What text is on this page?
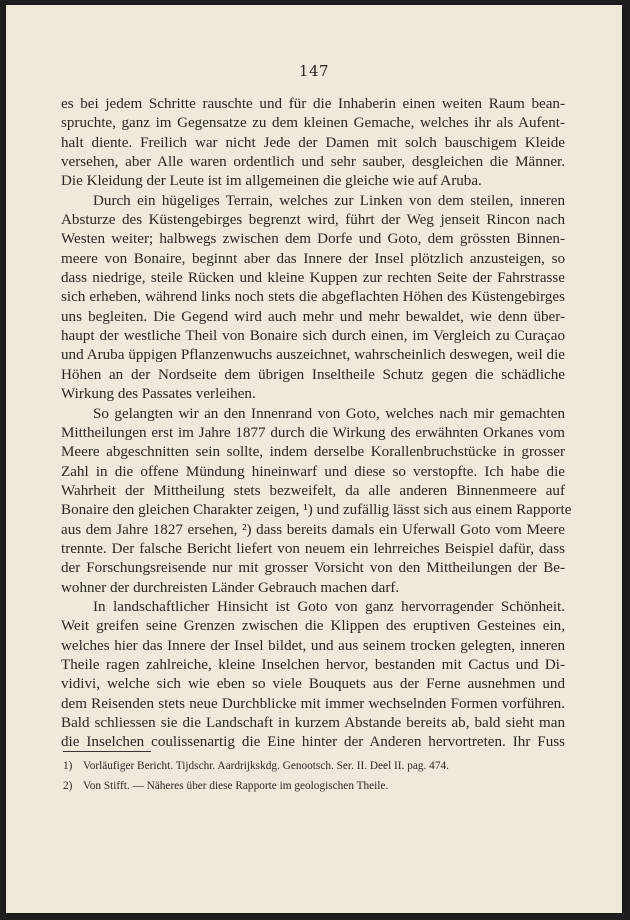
147
es bei jedem Schritte rauschte und für die Inhaberin einen weiten Raum bean-
spruchte, ganz im Gegensatze zu dem kleinen Gemache, welches ihr als Aufent-
halt diente. Freilich war nicht Jede der Damen mit solch bauschigem Kleide
versehen, aber Alle waren ordentlich und sehr sauber, desgleichen die Männer.
Die Kleidung der Leute ist im allgemeinen die gleiche wie auf Aruba.
Durch ein hügeliges Terrain, welches zur Linken von dem steilen, inneren
Absturze des Küstengebirges begrenzt wird, führt der Weg jenseit Rincon nach
Westen weiter; halbwegs zwischen dem Dorfe und Goto, dem grössten Binnen-
meere von Bonaire, beginnt aber das Innere der Insel plötzlich anzusteigen, so
dass niedrige, steile Rücken und kleine Kuppen zur rechten Seite der Fahrstrasse
sich erheben, während links noch stets die abgeflachten Höhen des Küstengebirges
uns begleiten. Die Gegend wird auch mehr und mehr bewaldet, wie denn über-
haupt der westliche Theil von Bonaire sich durch einen, im Vergleich zu Curaçao
und Aruba üppigen Pflanzenwuchs auszeichnet, wahrscheinlich deswegen, weil die
Höhen an der Nordseite dem übrigen Inseltheile Schutz gegen die schädliche
Wirkung des Passates verleihen.
So gelangten wir an den Innenrand von Goto, welches nach mir gemachten
Mittheilungen erst im Jahre 1877 durch die Wirkung des erwähnten Orkanes vom
Meere abgeschnitten sein sollte, indem derselbe Korallenbruchstücke in grosser
Zahl in die offene Mündung hineinwarf und diese so verstopfte. Ich habe die
Wahrheit der Mittheilung stets bezweifelt, da alle anderen Binnenmeere auf
Bonaire den gleichen Charakter zeigen, ¹) und zufällig lässt sich aus einem Rapporte
aus dem Jahre 1827 ersehen, ²) dass bereits damals ein Uferwall Goto vom Meere
trennte. Der falsche Bericht liefert von neuem ein lehrreiches Beispiel dafür, dass
der Forschungsreisende nur mit grosser Vorsicht von den Mittheilungen der Be-
wohner der durchreisten Länder Gebrauch machen darf.
In landschaftlicher Hinsicht ist Goto von ganz hervorragender Schönheit.
Weit greifen seine Grenzen zwischen die Klippen des eruptiven Gesteines ein,
welches hier das Innere der Insel bildet, und aus seinem trocken gelegten, inneren
Theile ragen zahlreiche, kleine Inselchen hervor, bestanden mit Cactus und Di-
vidivi, welche sich wie eben so viele Bouquets aus der Ferne ausnehmen und
dem Reisenden stets neue Durchblicke mit immer wechselnden Formen vorführen.
Bald schliessen sie die Landschaft in kurzem Abstande bereits ab, bald sieht man
die Inselchen coulissenartig die Eine hinter der Anderen hervortreten. Ihr Fuss
1) Vorläufiger Bericht. Tijdschr. Aardrijkskdg. Genootsch. Ser. II. Deel II. pag. 474.
2) Von Stifft. — Näheres über diese Rapporte im geologischen Theile.
